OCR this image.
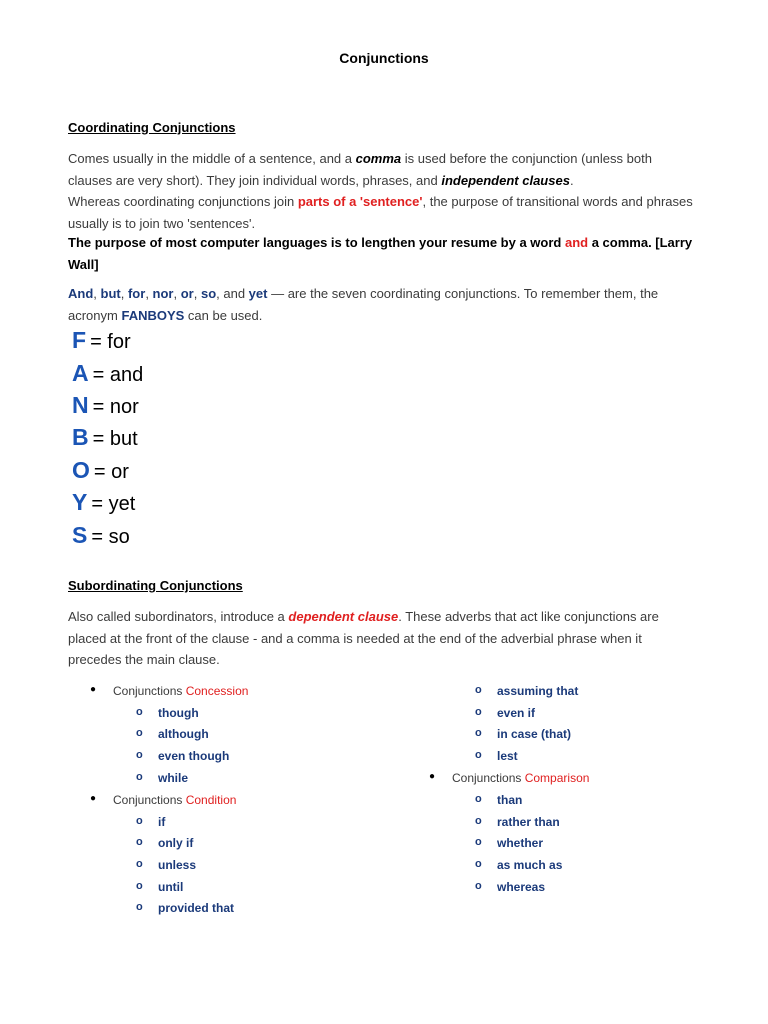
Conjunctions
Coordinating Conjunctions
Comes usually in the middle of a sentence, and a comma is used before the conjunction (unless both clauses are very short). They join individual words, phrases, and independent clauses.
Whereas coordinating conjunctions join parts of a 'sentence', the purpose of transitional words and phrases usually is to join two 'sentences'.
The purpose of most computer languages is to lengthen your resume by a word and a comma. [Larry Wall]
And, but, for, nor, or, so, and yet — are the seven coordinating conjunctions. To remember them, the acronym FANBOYS can be used.
F = for
A = and
N = nor
B = but
O = or
Y = yet
S = so
Subordinating Conjunctions
Also called subordinators, introduce a dependent clause. These adverbs that act like conjunctions are placed at the front of the clause - and a comma is needed at the end of the adverbial phrase when it precedes the main clause.
● Conjunctions Concession
o though
o although
o even though
o while
● Conjunctions Condition
o if
o only if
o unless
o until
o provided that
o assuming that
o even if
o in case (that)
o lest
● Conjunctions Comparison
o than
o rather than
o whether
o as much as
o whereas
